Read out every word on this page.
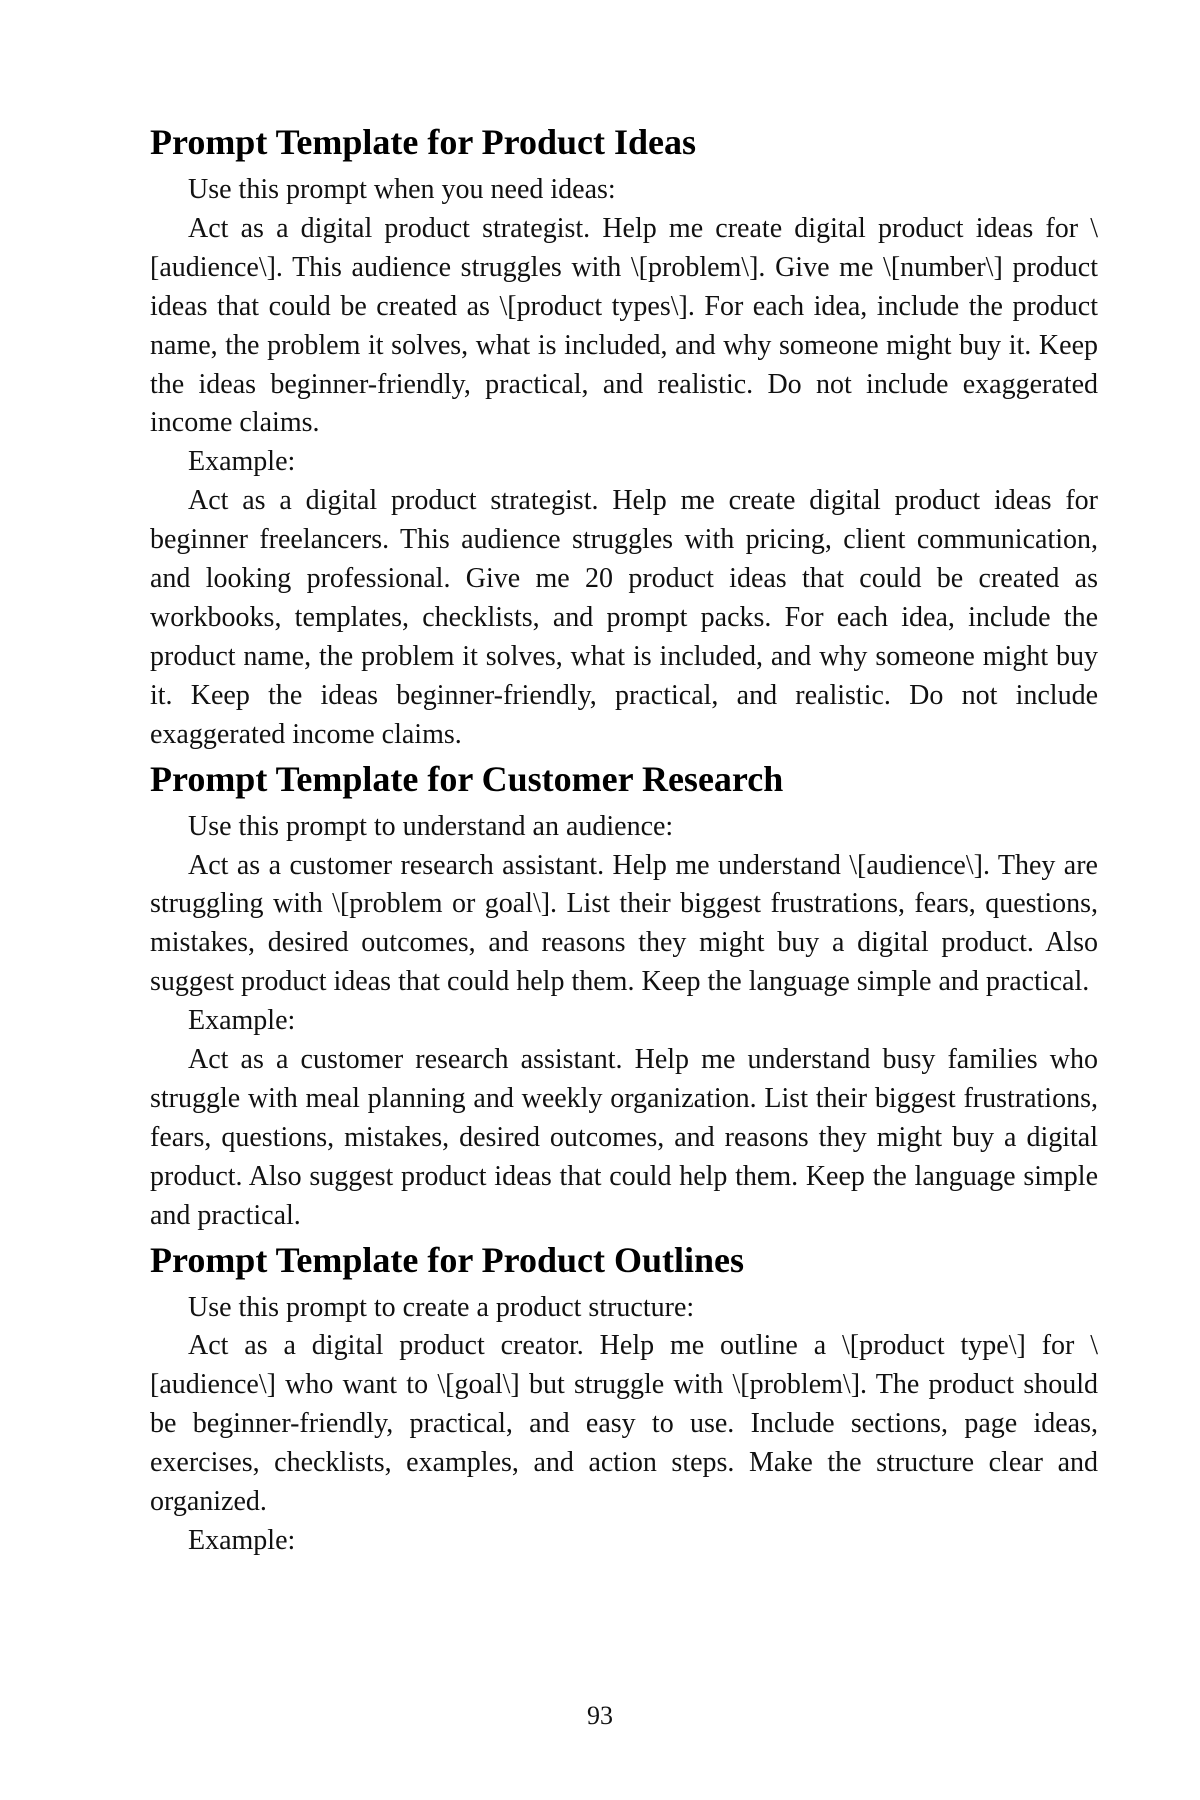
Prompt Template for Product Ideas

Use this prompt when you need ideas:

Act as a digital product strategist. Help me create digital product ideas for \[audience\]. This audience struggles with \[problem\]. Give me \[number\] product ideas that could be created as \[product types\]. For each idea, include the product name, the problem it solves, what is included, and why someone might buy it. Keep the ideas beginner-friendly, practical, and realistic. Do not include exaggerated income claims.

Example:

Act as a digital product strategist. Help me create digital product ideas for beginner freelancers. This audience struggles with pricing, client communication, and looking professional. Give me 20 product ideas that could be created as workbooks, templates, checklists, and prompt packs. For each idea, include the product name, the problem it solves, what is included, and why someone might buy it. Keep the ideas beginner-friendly, practical, and realistic. Do not include exaggerated income claims.

Prompt Template for Customer Research

Use this prompt to understand an audience:

Act as a customer research assistant. Help me understand \[audience\]. They are struggling with \[problem or goal\]. List their biggest frustrations, fears, questions, mistakes, desired outcomes, and reasons they might buy a digital product. Also suggest product ideas that could help them. Keep the language simple and practical.

Example:

Act as a customer research assistant. Help me understand busy families who struggle with meal planning and weekly organization. List their biggest frustrations, fears, questions, mistakes, desired outcomes, and reasons they might buy a digital product. Also suggest product ideas that could help them. Keep the language simple and practical.

Prompt Template for Product Outlines

Use this prompt to create a product structure:

Act as a digital product creator. Help me outline a \[product type\] for \[audience\] who want to \[goal\] but struggle with \[problem\]. The product should be beginner-friendly, practical, and easy to use. Include sections, page ideas, exercises, checklists, examples, and action steps. Make the structure clear and organized.

Example:

93
